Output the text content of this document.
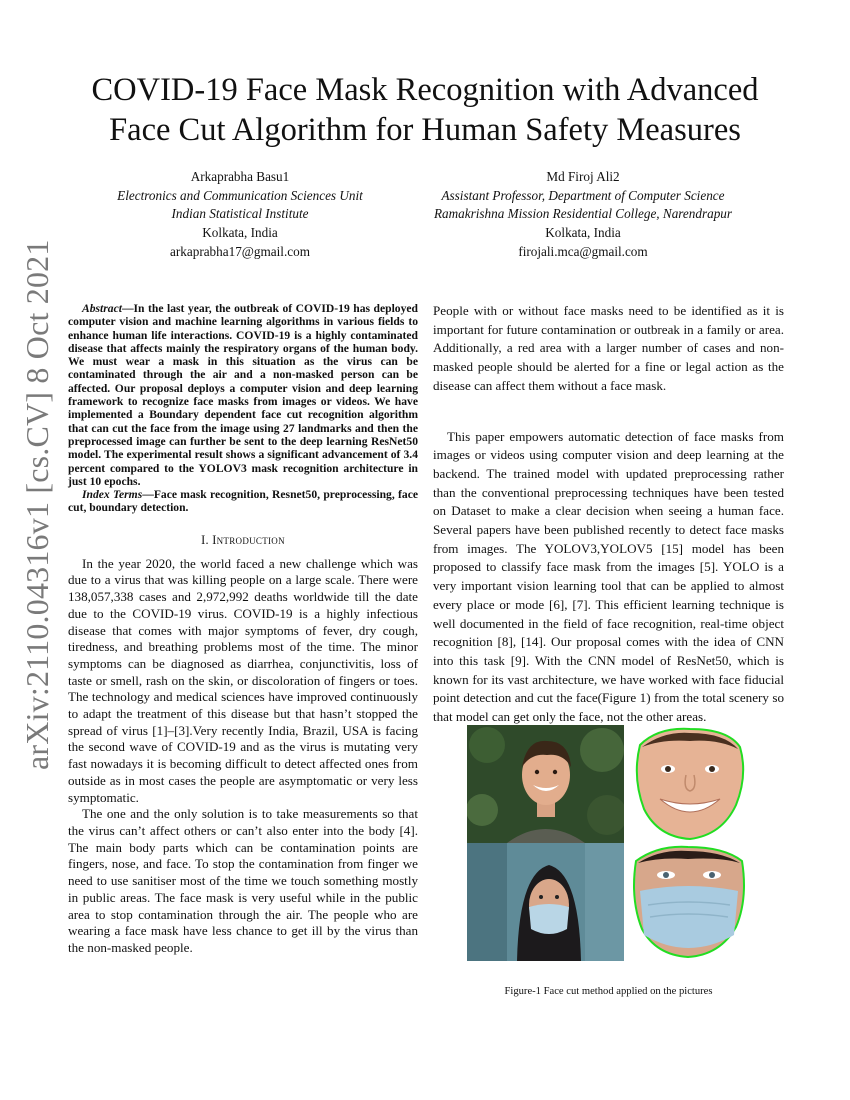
COVID-19 Face Mask Recognition with Advanced
Face Cut Algorithm for Human Safety Measures
Arkaprabha Basu1
Electronics and Communication Sciences Unit
Indian Statistical Institute
Kolkata, India
arkaprabha17@gmail.com
Md Firoj Ali2
Assistant Professor, Department of Computer Science
Ramakrishna Mission Residential College, Narendrapur
Kolkata, India
firojali.mca@gmail.com
arXiv:2110.04316v1 [cs.CV] 8 Oct 2021	Abstract—In the last year, the outbreak of COVID-19 has deployed computer vision and machine learning algorithms in various fields to enhance human life interactions. COVID-19 is a highly contaminated disease that affects mainly the respiratory organs of the human body. We must wear a mask in this situation as the virus can be contaminated through the air and a non-masked person can be affected. Our proposal deploys a computer vision and deep learning framework to recognize face masks from images or videos. We have implemented a Boundary dependent face cut recognition algorithm that can cut the face from the image using 27 landmarks and then the preprocessed image can further be sent to the deep learning ResNet50 model. The experimental result shows a significant advancement of 3.4 percent compared to the YOLOV3 mask recognition architecture in just 10 epochs.

Index Terms—Face mask recognition, Resnet50, preprocessing, face cut, boundary detection.

I. Introduction

In the year 2020, the world faced a new challenge which was due to a virus that was killing people on a large scale. There were 138,057,338 cases and 2,972,992 deaths worldwide till the date due to the COVID-19 virus. COVID-19 is a highly infectious disease that comes with major symptoms of fever, dry cough, tiredness, and breathing problems most of the time. The minor symptoms can be diagnosed as diarrhea, conjunctivitis, loss of taste or smell, rash on the skin, or discoloration of fingers or toes. The technology and medical sciences have improved continuously to adapt the treatment of this disease but that hasn’t stopped the spread of virus [1]–[3].Very recently India, Brazil, USA is facing the second wave of COVID-19 and as the virus is mutating very fast nowadays it is becoming difficult to detect affected ones from outside as in most cases the people are asymptomatic or very less symptomatic.

The one and the only solution is to take measurements so that the virus can’t affect others or can’t also enter into the body [4]. The main body parts which can be contamination points are fingers, nose, and face. To stop the contamination from finger we need to use sanitiser most of the time we touch something mostly in public areas. The face mask is very useful while in the public area to stop contamination through the air. The people who are wearing a face mask have less chance to get ill by the virus than the non-masked people.

People with or without face masks need to be identified as it is important for future contamination or outbreak in a family or area. Additionally, a red area with a larger number of cases and non-masked people should be alerted for a fine or legal action as the disease can affect them without a face mask.

This paper empowers automatic detection of face masks from images or videos using computer vision and deep learning at the backend. The trained model with updated preprocessing rather than the conventional preprocessing techniques have been tested on Dataset to make a clear decision when seeing a human face. Several papers have been published recently to detect face masks from images. The YOLOV3,YOLOV5 [15] model has been proposed to classify face mask from the images [5]. YOLO is a very important vision learning tool that can be applied to almost every place or mode [6], [7]. This efficient learning technique is well documented in the field of face recognition, real-time object recognition [8], [14]. Our proposal comes with the idea of CNN into this task [9]. With the CNN model of ResNet50, which is known for its vast architecture, we have worked with face fiducial point detection and cut the face(Figure 1) from the total scenery so that model can get only the face, not the other areas.

Figure-1 Face cut method applied on the pictures
